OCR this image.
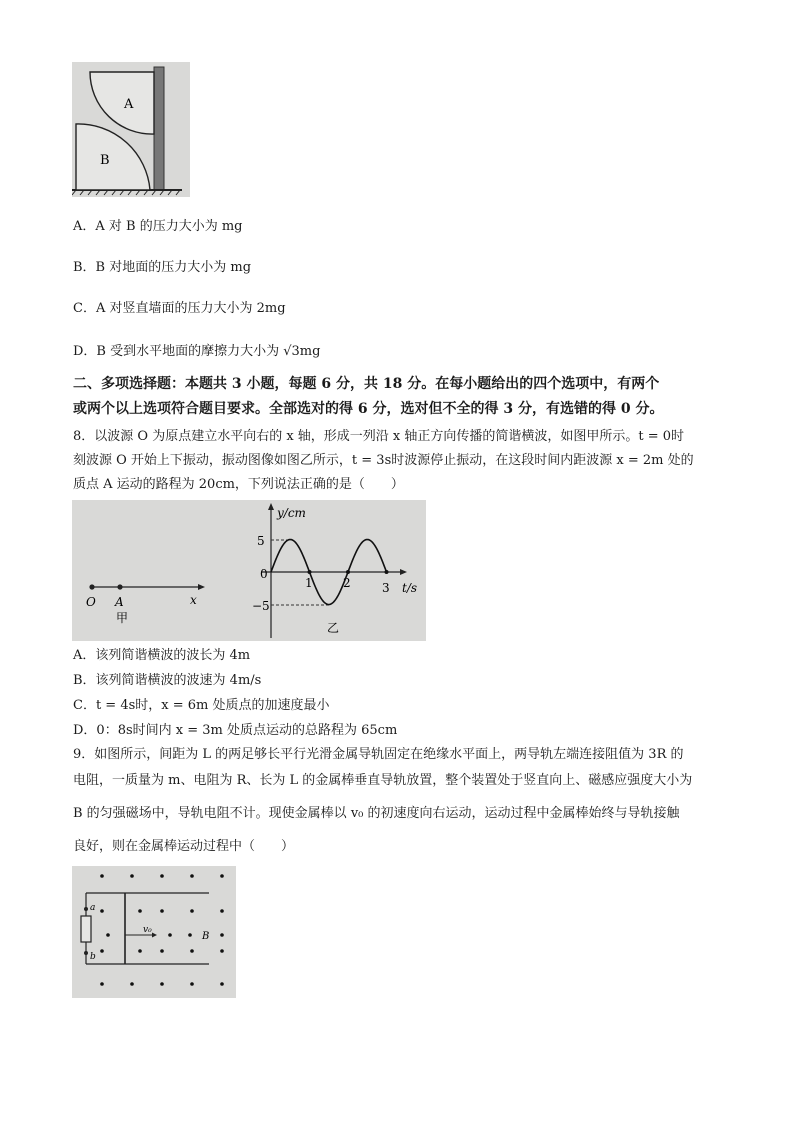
A
B
A．A 对 B 的压力大小为 mg
B．B 对地面的压力大小为 mg
C．A 对竖直墙面的压力大小为 2mg
D．B 受到水平地面的摩擦力大小为 √3mg
二、多项选择题：本题共 3 小题，每题 6 分，共 18 分。在每小题给出的四个选项中，有两个
或两个以上选项符合题目要求。全部选对的得 6 分，选对但不全的得 3 分，有选错的得 0 分。
8．以波源 O 为原点建立水平向右的 x 轴，形成一列沿 x 轴正方向传播的简谐横波，如图甲所示。t = 0时
刻波源 O 开始上下振动，振动图像如图乙所示，t = 3s时波源停止振动，在这段时间内距波源 x = 2m 处的
质点 A 运动的路程为 20cm，下列说法正确的是（　　）
O A	x
甲
y/cm
t/s
0
5
−5
1	2	3
乙
A．该列简谐横波的波长为 4m
B．该列简谐横波的波速为 4m/s
C．t = 4s时，x = 6m 处质点的加速度最小
D．0：8s时间内 x = 3m 处质点运动的总路程为 65cm
9．如图所示，间距为 L 的两足够长平行光滑金属导轨固定在绝缘水平面上，两导轨左端连接阻值为 3R 的
电阻，一质量为 m、电阻为 R、长为 L 的金属棒垂直导轨放置，整个装置处于竖直向上、磁感应强度大小为
B 的匀强磁场中，导轨电阻不计。现使金属棒以 v₀ 的初速度向右运动，运动过程中金属棒始终与导轨接触
良好，则在金属棒运动过程中（　　）
a
b
v₀
B
